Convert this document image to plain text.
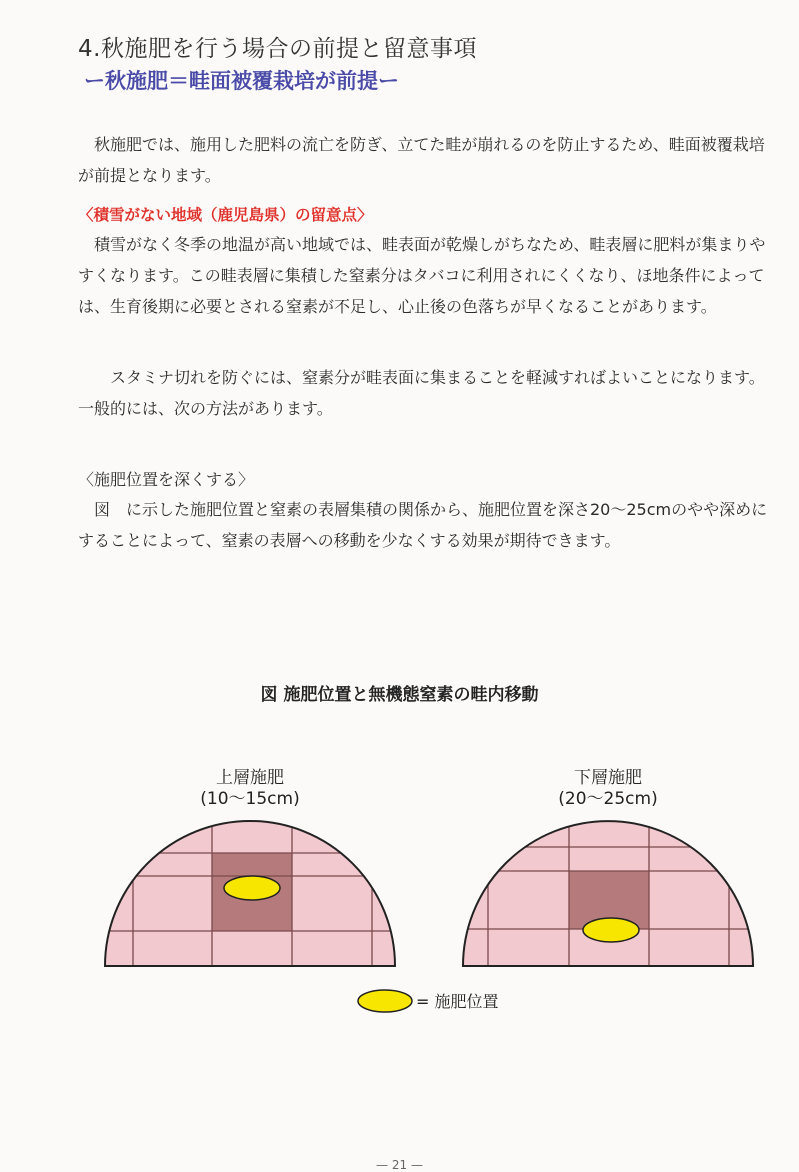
4.秋施肥を行う場合の前提と留意事項
ー秋施肥＝畦面被覆栽培が前提ー

　秋施肥では、施用した肥料の流亡を防ぎ、立てた畦が崩れるのを防止するため、畦面被覆栽培が前提となります。

〈積雪がない地域（鹿児島県）の留意点〉

　積雪がなく冬季の地温が高い地域では、畦表面が乾燥しがちなため、畦表層に肥料が集まりやすくなります。この畦表層に集積した窒素分はタバコに利用されにくくなり、ほ地条件によっては、生育後期に必要とされる窒素が不足し、心止後の色落ちが早くなることがあります。

　　スタミナ切れを防ぐには、窒素分が畦表面に集まることを軽減すればよいことになります。一般的には、次の方法があります。

〈施肥位置を深くする〉

　図　に示した施肥位置と窒素の表層集積の関係から、施肥位置を深さ20～25cmのやや深めにすることによって、窒素の表層への移動を少なくする効果が期待できます。

図 施肥位置と無機態窒素の畦内移動
上層施肥
(10～15cm)
下層施肥
(20～25cm)
= 施肥位置
— 21 —
